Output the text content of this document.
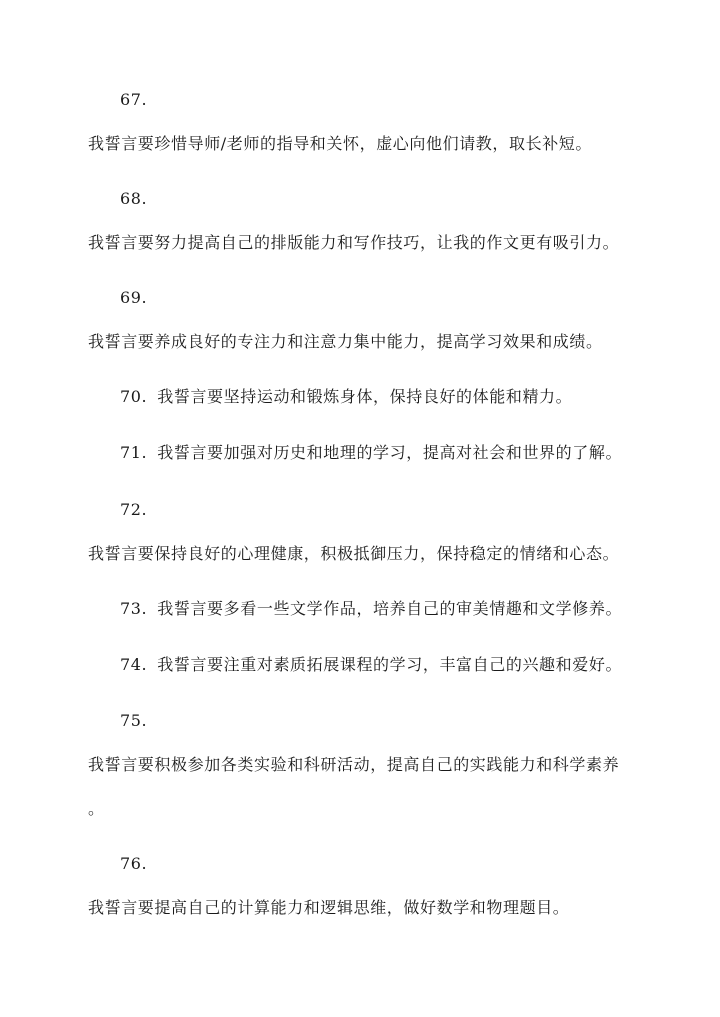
67.
我誓言要珍惜导师/老师的指导和关怀，虚心向他们请教，取长补短。
68.
我誓言要努力提高自己的排版能力和写作技巧，让我的作文更有吸引力。
69.
我誓言要养成良好的专注力和注意力集中能力，提高学习效果和成绩。
70. 我誓言要坚持运动和锻炼身体，保持良好的体能和精力。
71. 我誓言要加强对历史和地理的学习，提高对社会和世界的了解。
72.
我誓言要保持良好的心理健康，积极抵御压力，保持稳定的情绪和心态。
73. 我誓言要多看一些文学作品，培养自己的审美情趣和文学修养。
74. 我誓言要注重对素质拓展课程的学习，丰富自己的兴趣和爱好。
75.
我誓言要积极参加各类实验和科研活动，提高自己的实践能力和科学素养
。
76.
我誓言要提高自己的计算能力和逻辑思维，做好数学和物理题目。
